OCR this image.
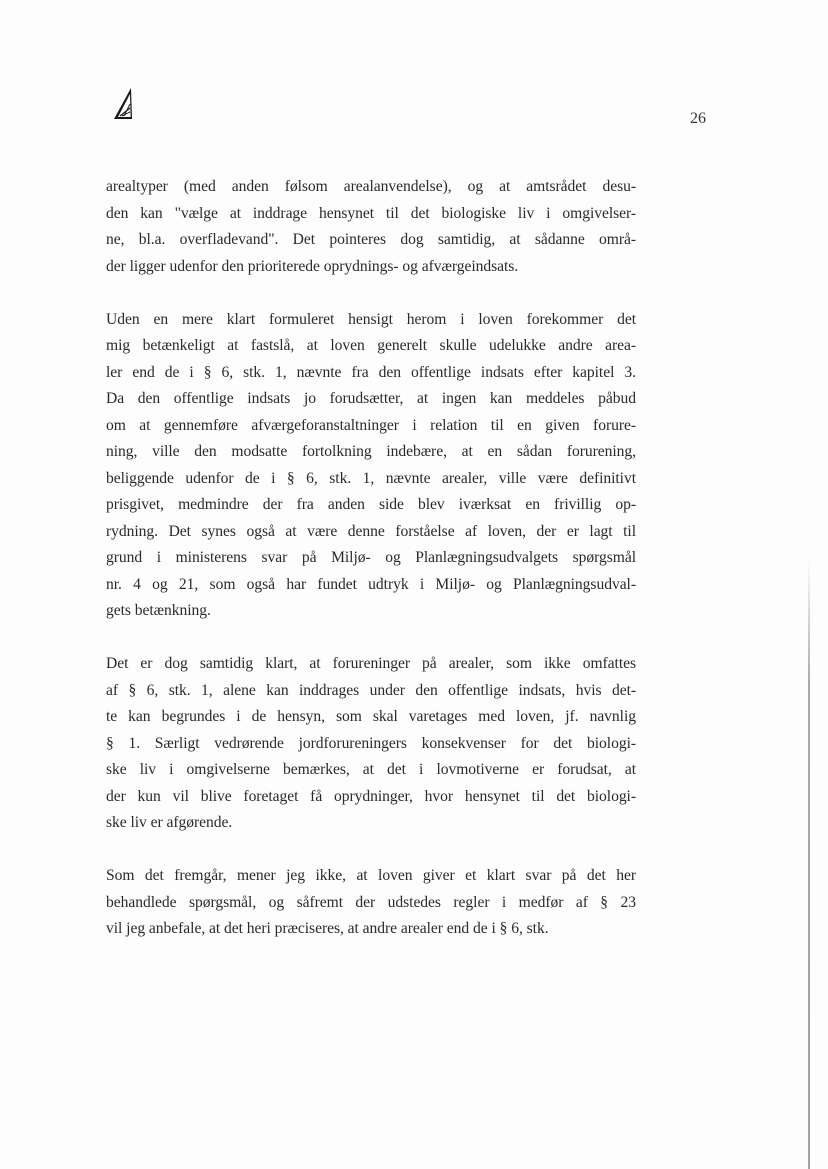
26
arealtyper (med anden følsom arealanvendelse), og at amtsrådet desu-
den kan "vælge at inddrage hensynet til det biologiske liv i omgivelser-
ne, bl.a. overfladevand". Det pointeres dog samtidig, at sådanne områ-
der ligger udenfor den prioriterede oprydnings- og afværgeindsats.
Uden en mere klart formuleret hensigt herom i loven forekommer det
mig betænkeligt at fastslå, at loven generelt skulle udelukke andre area-
ler end de i § 6, stk. 1, nævnte fra den offentlige indsats efter kapitel 3.
Da den offentlige indsats jo forudsætter, at ingen kan meddeles påbud
om at gennemføre afværgeforanstaltninger i relation til en given forure-
ning, ville den modsatte fortolkning indebære, at en sådan forurening,
beliggende udenfor de i § 6, stk. 1, nævnte arealer, ville være definitivt
prisgivet, medmindre der fra anden side blev iværksat en frivillig op-
rydning. Det synes også at være denne forståelse af loven, der er lagt til
grund i ministerens svar på Miljø- og Planlægningsudvalgets spørgsmål
nr. 4 og 21, som også har fundet udtryk i Miljø- og Planlægningsudval-
gets betænkning.
Det er dog samtidig klart, at forureninger på arealer, som ikke omfattes
af § 6, stk. 1, alene kan inddrages under den offentlige indsats, hvis det-
te kan begrundes i de hensyn, som skal varetages med loven, jf. navnlig
§ 1. Særligt vedrørende jordforureningers konsekvenser for det biologi-
ske liv i omgivelserne bemærkes, at det i lovmotiverne er forudsat, at
der kun vil blive foretaget få oprydninger, hvor hensynet til det biologi-
ske liv er afgørende.
Som det fremgår, mener jeg ikke, at loven giver et klart svar på det her
behandlede spørgsmål, og såfremt der udstedes regler i medfør af § 23
vil jeg anbefale, at det heri præciseres, at andre arealer end de i § 6, stk.
